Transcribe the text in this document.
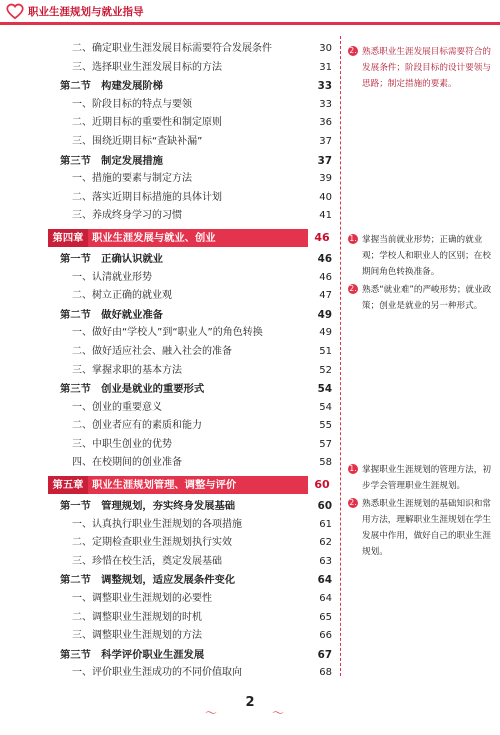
职业生涯规划与就业指导
二、确定职业生涯发展目标需要符合发展条件	30
三、选择职业生涯发展目标的方法	31
第二节　构建发展阶梯	33
一、阶段目标的特点与要领	33
二、近期目标的重要性和制定原则	36
三、围绕近期目标“查缺补漏”	37
第三节　制定发展措施	37
一、措施的要素与制定方法	39
二、落实近期目标措施的具体计划	40
三、养成终身学习的习惯	41
第四章 职业生涯发展与就业、创业	46
第一节　正确认识就业	46
一、认清就业形势	46
二、树立正确的就业观	47
第二节　做好就业准备	49
一、做好由“学校人”到“职业人”的角色转换	49
二、做好适应社会、融入社会的准备	51
三、掌握求职的基本方法	52
第三节　创业是就业的重要形式	54
一、创业的重要意义	54
二、创业者应有的素质和能力	55
三、中职生创业的优势	57
四、在校期间的创业准备	58
第五章 职业生涯规划管理、调整与评价	60
第一节　管理规划，夯实终身发展基础	60
一、认真执行职业生涯规划的各项措施	61
二、定期检查职业生涯规划执行实效	62
三、珍惜在校生活，奠定发展基础	63
第二节　调整规划，适应发展条件变化	64
一、调整职业生涯规划的必要性	64
二、调整职业生涯规划的时机	65
三、调整职业生涯规划的方法	66
第三节　科学评价职业生涯发展	67
一、评价职业生涯成功的不同价值取向	68
2. 熟悉职业生涯发展目标需要符合的发展条件；阶段目标的设计要领与思路；制定措施的要素。
1. 掌握当前就业形势；正确的就业观；学校人和职业人的区别；在校期间角色转换准备。
2. 熟悉“就业难”的严峻形势；就业政策；创业是就业的另一种形式。
1. 掌握职业生涯规划的管理方法，初步学会管理职业生涯规划。
2. 熟悉职业生涯规划的基础知识和常用方法，理解职业生涯规划在学生发展中作用，做好自己的职业生涯规划。
～
2
～
